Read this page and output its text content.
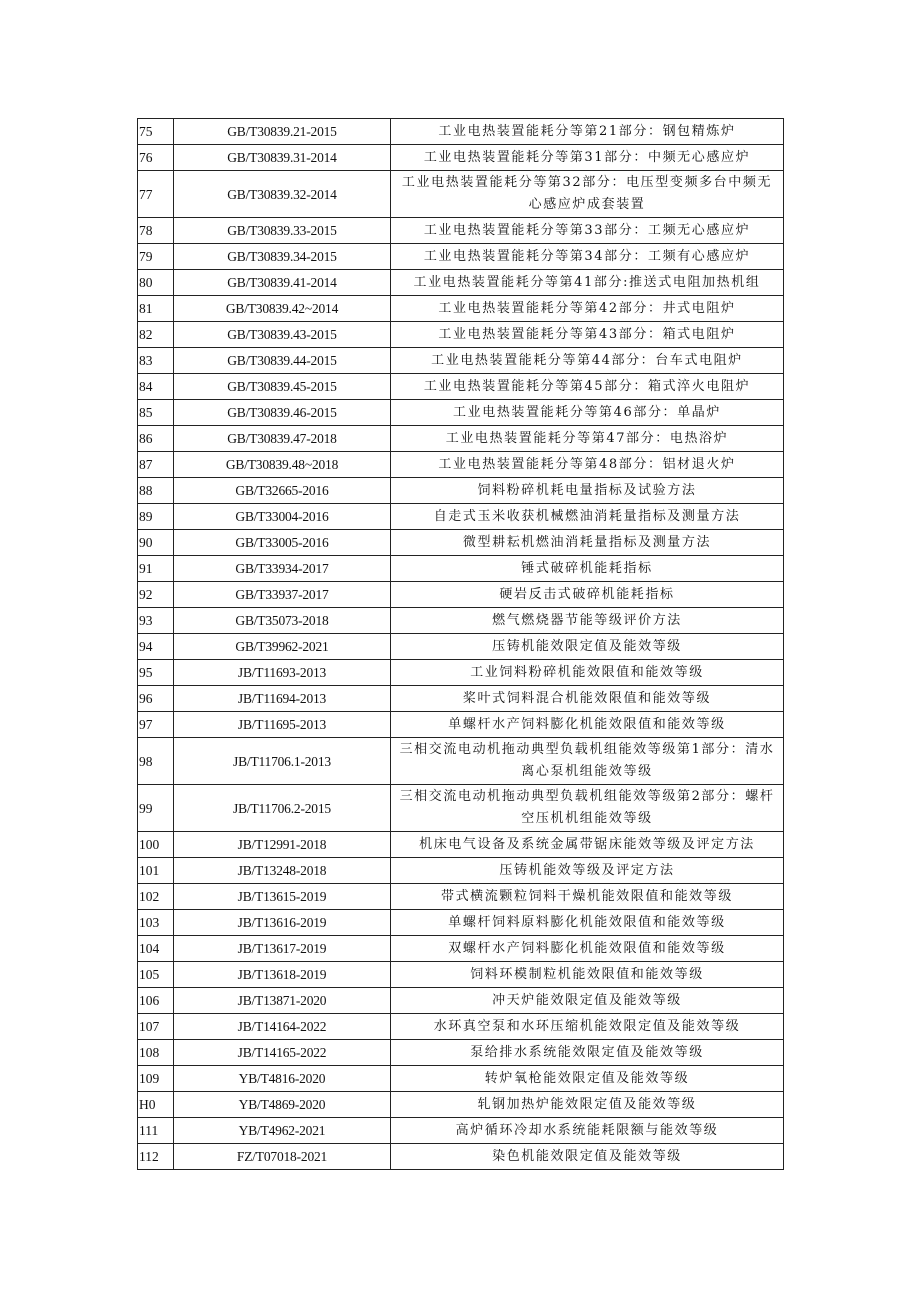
75	GB/T30839.21-2015	工业电热装置能耗分等第21部分：钢包精炼炉
76	GB/T30839.31-2014	工业电热装置能耗分等第31部分：中频无心感应炉
77	GB/T30839.32-2014	工业电热装置能耗分等第32部分：电压型变频多台中频无心感应炉成套装置
78	GB/T30839.33-2015	工业电热装置能耗分等第33部分：工频无心感应炉
79	GB/T30839.34-2015	工业电热装置能耗分等第34部分：工频有心感应炉
80	GB/T30839.41-2014	工业电热装置能耗分等第41部分:推送式电阻加热机组
81	GB/T30839.42~2014	工业电热装置能耗分等第42部分：井式电阻炉
82	GB/T30839.43-2015	工业电热装置能耗分等第43部分：箱式电阻炉
83	GB/T30839.44-2015	工业电热装置能耗分等第44部分：台车式电阻炉
84	GB/T30839.45-2015	工业电热装置能耗分等第45部分：箱式淬火电阻炉
85	GB/T30839.46-2015	工业电热装置能耗分等第46部分：单晶炉
86	GB/T30839.47-2018	工业电热装置能耗分等第47部分：电热浴炉
87	GB/T30839.48~2018	工业电热装置能耗分等第48部分：铝材退火炉
88	GB/T32665-2016	饲料粉碎机耗电量指标及试验方法
89	GB/T33004-2016	自走式玉米收获机械燃油消耗量指标及测量方法
90	GB/T33005-2016	微型耕耘机燃油消耗量指标及测量方法
91	GB/T33934-2017	锤式破碎机能耗指标
92	GB/T33937-2017	硬岩反击式破碎机能耗指标
93	GB/T35073-2018	燃气燃烧器节能等级评价方法
94	GB/T39962-2021	压铸机能效限定值及能效等级
95	JB/T11693-2013	工业饲料粉碎机能效限值和能效等级
96	JB/T11694-2013	桨叶式饲料混合机能效限值和能效等级
97	JB/T11695-2013	单螺杆水产饲料膨化机能效限值和能效等级
98	JB/T11706.1-2013	三相交流电动机拖动典型负载机组能效等级第1部分：清水离心泵机组能效等级
99	JB/T11706.2-2015	三相交流电动机拖动典型负载机组能效等级第2部分：螺杆空压机机组能效等级
100	JB/T12991-2018	机床电气设备及系统金属带锯床能效等级及评定方法
101	JB/T13248-2018	压铸机能效等级及评定方法
102	JB/T13615-2019	带式横流颗粒饲料干燥机能效限值和能效等级
103	JB/T13616-2019	单螺杆饲料原料膨化机能效限值和能效等级
104	JB/T13617-2019	双螺杆水产饲料膨化机能效限值和能效等级
105	JB/T13618-2019	饲料环模制粒机能效限值和能效等级
106	JB/T13871-2020	冲天炉能效限定值及能效等级
107	JB/T14164-2022	水环真空泵和水环压缩机能效限定值及能效等级
108	JB/T14165-2022	泵给排水系统能效限定值及能效等级
109	YB/T4816-2020	转炉氧枪能效限定值及能效等级
H0	YB/T4869-2020	轧钢加热炉能效限定值及能效等级
111	YB/T4962-2021	高炉循环冷却水系统能耗限额与能效等级
112	FZ/T07018-2021	染色机能效限定值及能效等级
